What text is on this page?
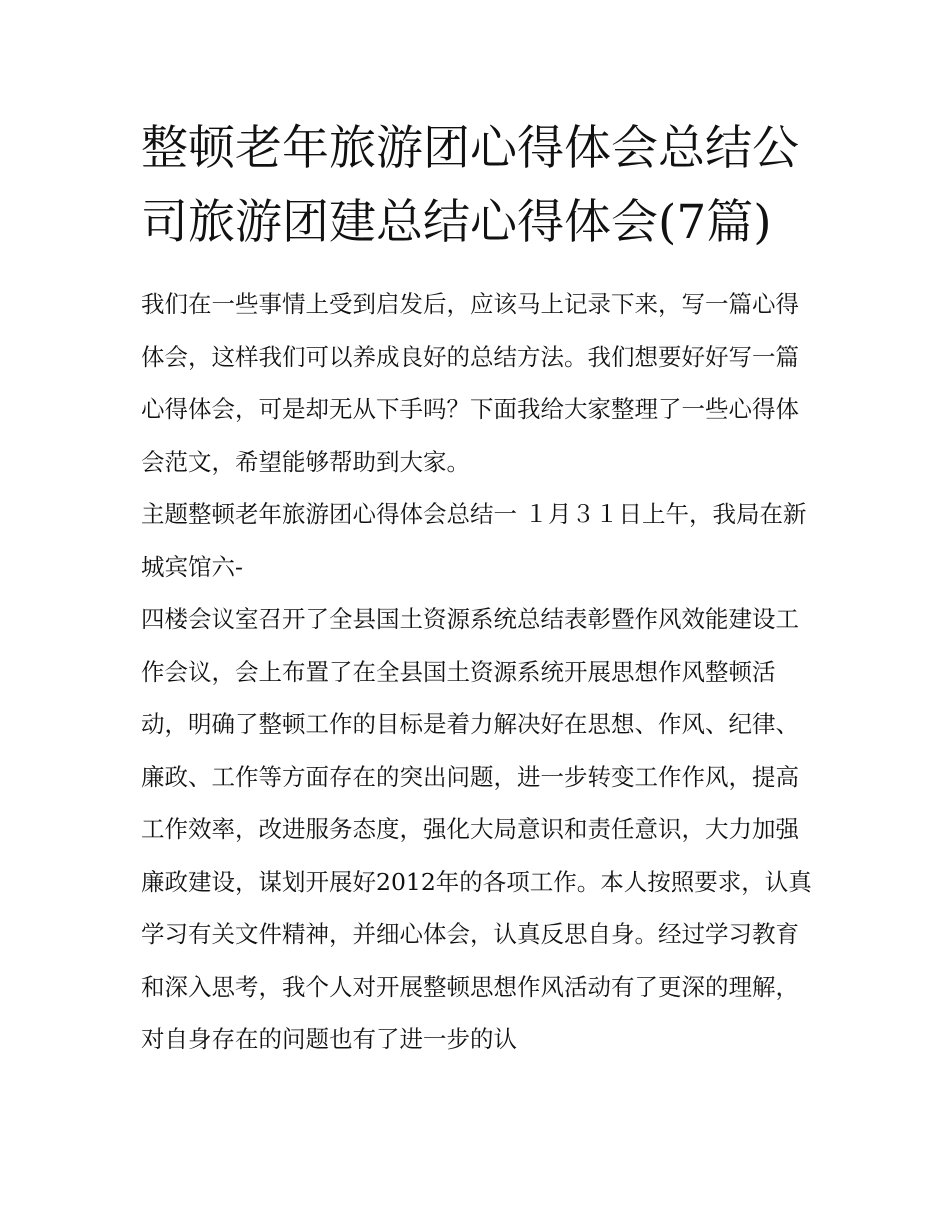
整顿老年旅游团心得体会总结公司旅游团建总结心得体会(7篇)

我们在一些事情上受到启发后，应该马上记录下来，写一篇心得体会，这样我们可以养成良好的总结方法。我们想要好好写一篇心得体会，可是却无从下手吗？下面我给大家整理了一些心得体会范文，希望能够帮助到大家。

主题整顿老年旅游团心得体会总结一 １月３１日上午，我局在新城宾馆六-

四楼会议室召开了全县国土资源系统总结表彰暨作风效能建设工作会议，会上布置了在全县国土资源系统开展思想作风整顿活动，明确了整顿工作的目标是着力解决好在思想、作风、纪律、廉政、工作等方面存在的突出问题，进一步转变工作作风，提高工作效率，改进服务态度，强化大局意识和责任意识，大力加强廉政建设，谋划开展好2012年的各项工作。本人按照要求，认真学习有关文件精神，并细心体会，认真反思自身。经过学习教育和深入思考，我个人对开展整顿思想作风活动有了更深的理解，对自身存在的问题也有了进一步的认
